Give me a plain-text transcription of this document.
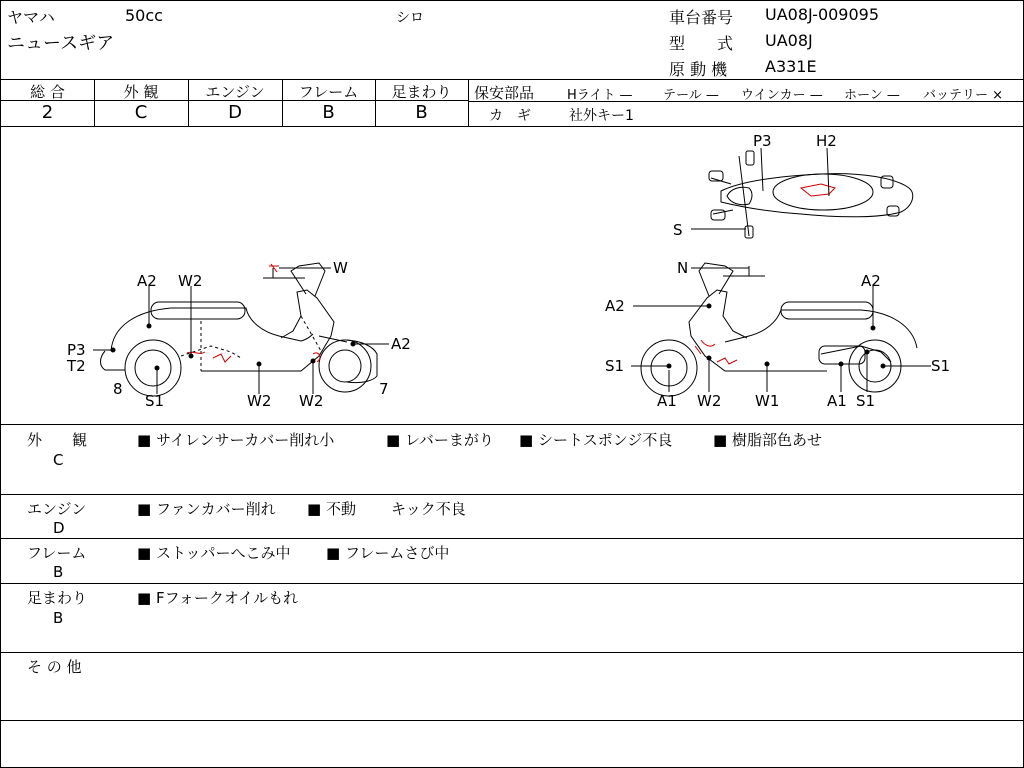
ヤマハ	50cc	シロ
ニュースギア
車台番号 UA08J-009095
型　　式 UA08J
原 動 機 A331E
総 合
2
外 観
C
エンジン
D
フレーム
B
足まわり
B
保安部品	Hライト — テール — ウインカー — ホーン — バッテリー ×
カ　ギ	社外キー1
P3	H2
S
A2 W2
W
P3
T2
8
S1	W2 W2
7
A2
N
A2
A2
S1	S1
A1 W2 W1	A1 S1
外　　観
C
■ サイレンサーカバー削れ小	■ レバーまがり ■ シートスポンジ不良	■ 樹脂部色あせ
エンジン
D
■ ファンカバー削れ ■ 不動 キック不良
フレーム
B
■ ストッパーへこみ中 ■ フレームさび中
足まわり
B
■ Fフォークオイルもれ
そ の 他
